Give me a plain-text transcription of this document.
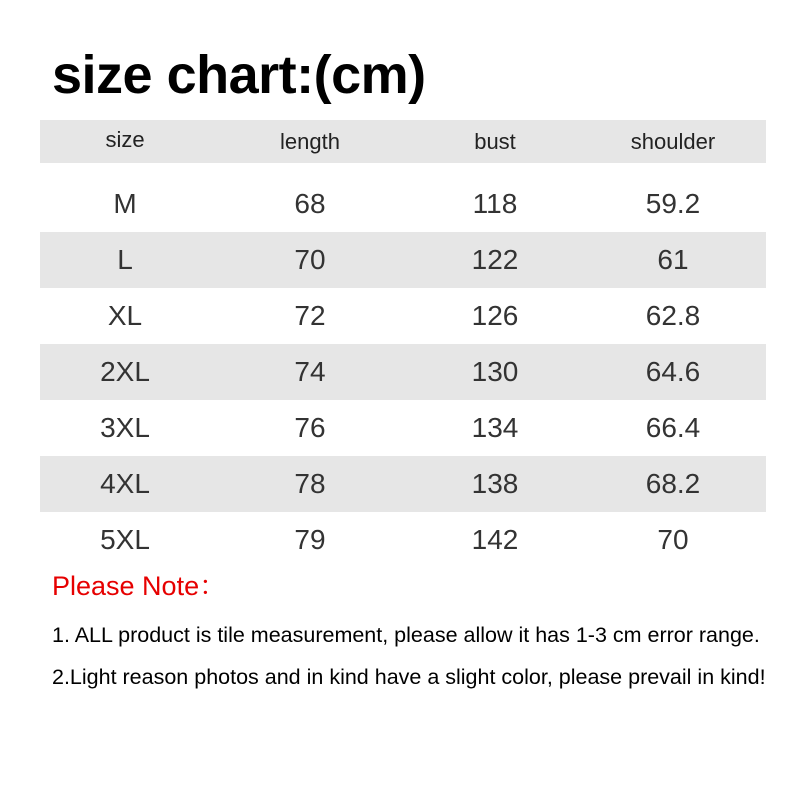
size chart:(cm)
size	length	bust	shoulder
M	68	118	59.2
L	70	122	61
XL	72	126	62.8
2XL	74	130	64.6
3XL	76	134	66.4
4XL	78	138	68.2
5XL	79	142	70
Please Note：

1. ALL product is tile measurement, please allow it has 1-3 cm error range.

2.Light reason photos and in kind have a slight color, please prevail in kind!
